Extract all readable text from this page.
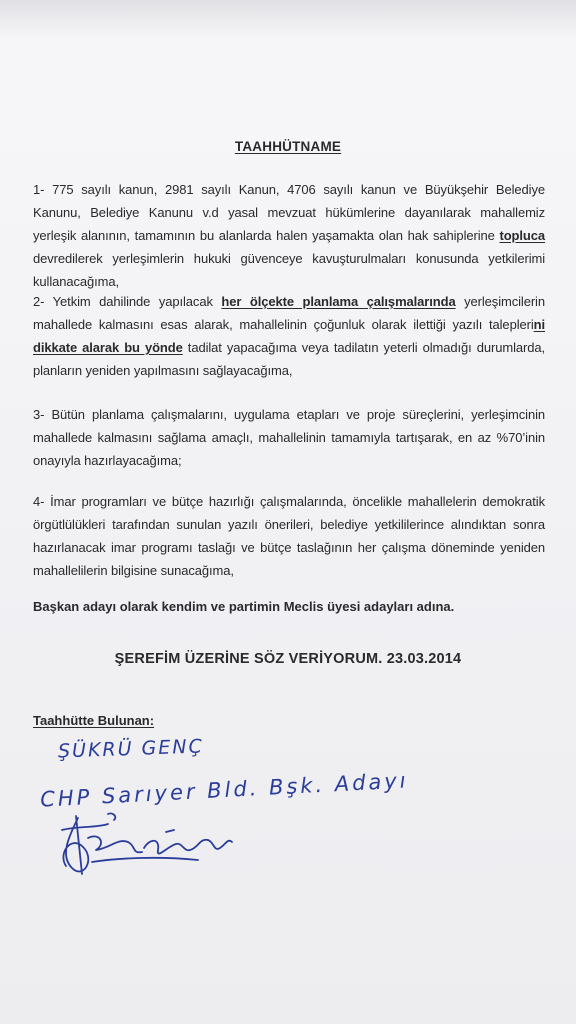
TAAHHÜTNAME
1- 775 sayılı kanun, 2981 sayılı Kanun, 4706 sayılı kanun ve Büyükşehir Belediye
Kanunu, Belediye Kanunu v.d yasal mevzuat hükümlerine dayanılarak mahallemiz
yerleşik alanının, tamamının bu alanlarda halen yaşamakta olan hak sahiplerine topluca
devredilerek yerleşimlerin hukuki güvenceye kavuşturulmaları konusunda yetkilerimi
kullanacağıma,
2- Yetkim dahilinde yapılacak her ölçekte planlama çalışmalarında yerleşimcilerin
mahallede kalmasını esas alarak, mahallelinin çoğunluk olarak ilettiği yazılı taleplerini
dikkate alarak bu yönde tadilat yapacağıma veya tadilatın yeterli olmadığı durumlarda,
planların yeniden yapılmasını sağlayacağıma,
3- Bütün planlama çalışmalarını, uygulama etapları ve proje süreçlerini, yerleşimcinin
mahallede kalmasını sağlama amaçlı, mahallelinin tamamıyla tartışarak, en az %70’inin
onayıyla hazırlayacağıma;
4- İmar programları ve bütçe hazırlığı çalışmalarında, öncelikle mahallelerin demokratik
örgütlülükleri tarafından sunulan yazılı önerileri, belediye yetkililerince alındıktan sonra
hazırlanacak imar programı taslağı ve bütçe taslağının her çalışma döneminde yeniden
mahallelilerin bilgisine sunacağıma,
Başkan adayı olarak kendim ve partimin Meclis üyesi adayları adına.
ŞEREFİM ÜZERİNE SÖZ VERİYORUM. 23.03.2014
Taahhütte Bulunan:
ŞÜKRÜ GENÇ
CHP Sarıyer Bld. Bşk. Adayı
